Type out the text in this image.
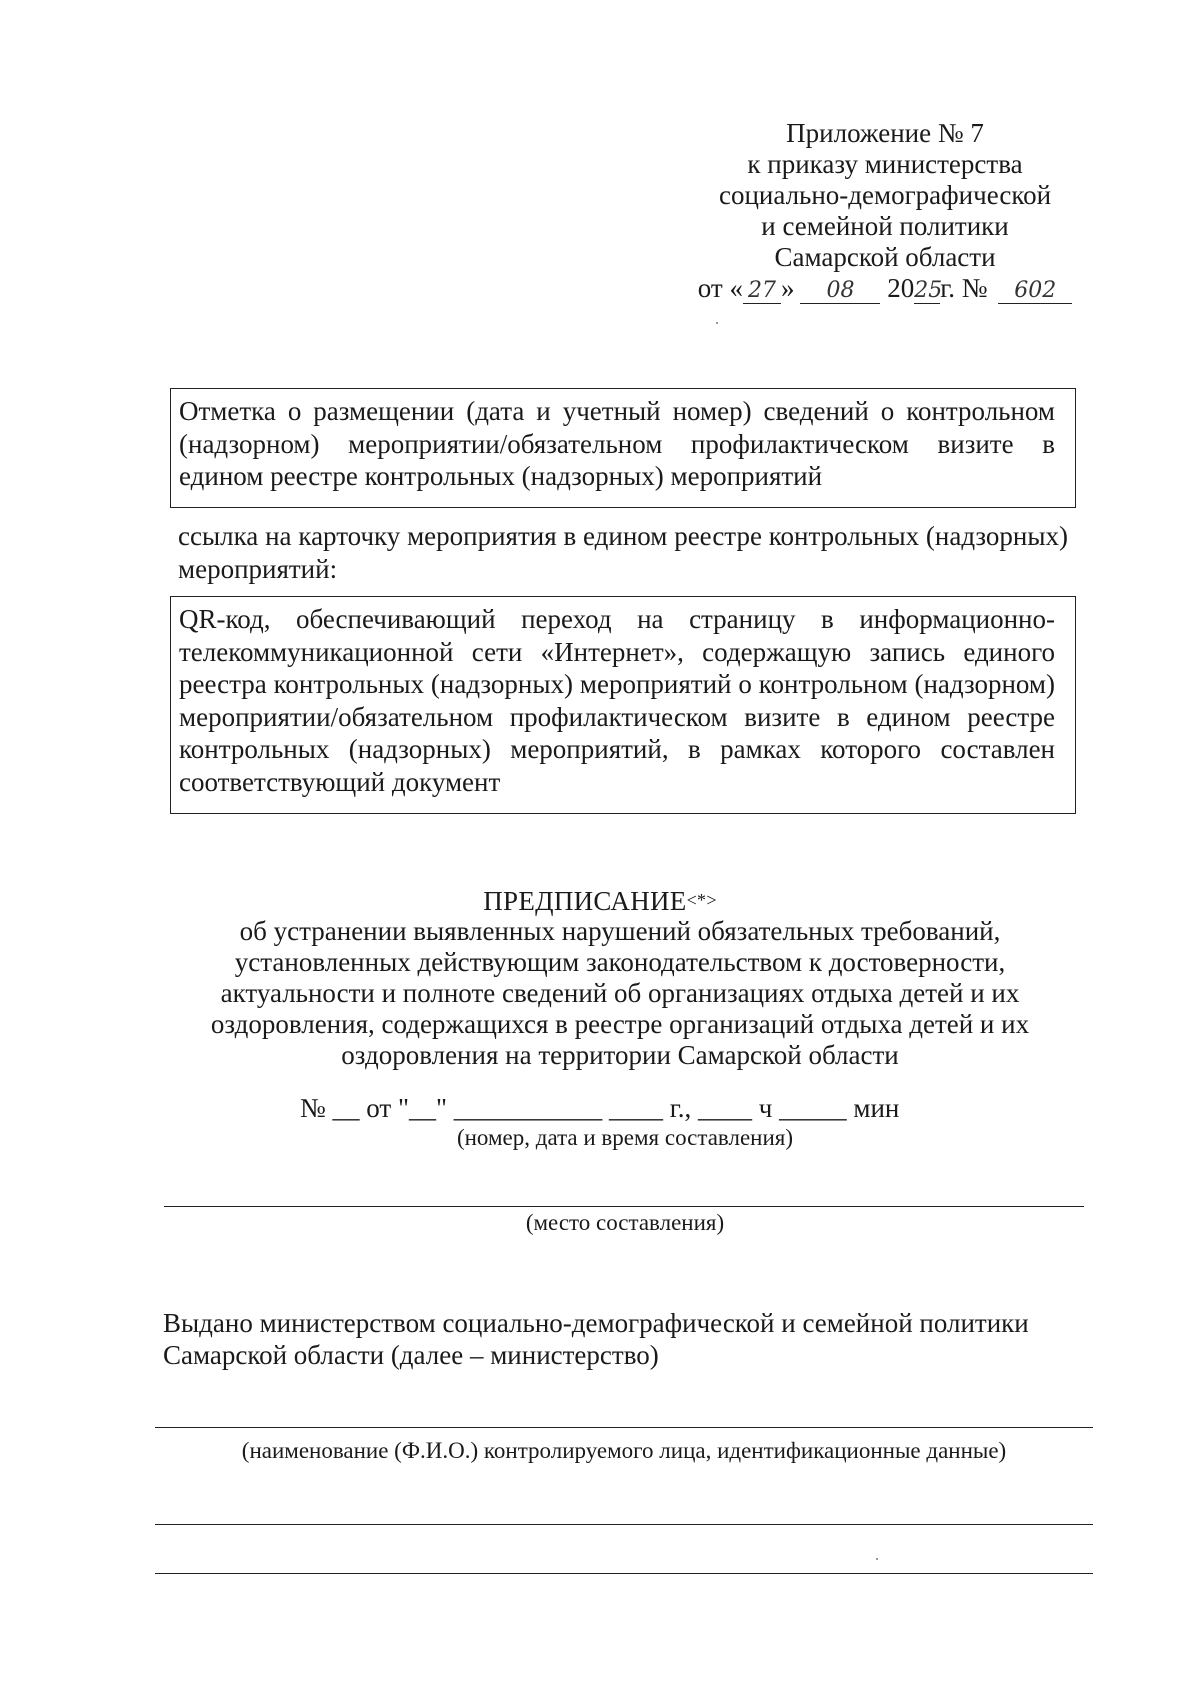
Приложение № 7
к приказу министерства
социально-демографической
и семейной политики
Самарской области
от « 27 » 08 2025г. № 602
Отметка о размещении (дата и учетный номер) сведений о контрольном (надзорном) мероприятии/обязательном профилактическом визите в едином реестре контрольных (надзорных) мероприятий
ссылка на карточку мероприятия в едином реестре контрольных (надзорных) мероприятий:
QR-код, обеспечивающий переход на страницу в информационно-телекоммуникационной сети «Интернет», содержащую запись единого реестра контрольных (надзорных) мероприятий о контрольном (надзорном) мероприятии/обязательном профилактическом визите в едином реестре контрольных (надзорных) мероприятий, в рамках которого составлен соответствующий документ
ПРЕДПИСАНИЕ<*>
об устранении выявленных нарушений обязательных требований, установленных действующим законодательством к достоверности, актуальности и полноте сведений об организациях отдыха детей и их оздоровления, содержащихся в реестре организаций отдыха детей и их оздоровления на территории Самарской области
№ __ от "__" ___________ ____ г., ____ ч _____ мин
(номер, дата и время составления)
(место составления)
Выдано министерством социально-демографической и семейной политики Самарской области (далее – министерство)
(наименование (Ф.И.О.) контролируемого лица, идентификационные данные)
